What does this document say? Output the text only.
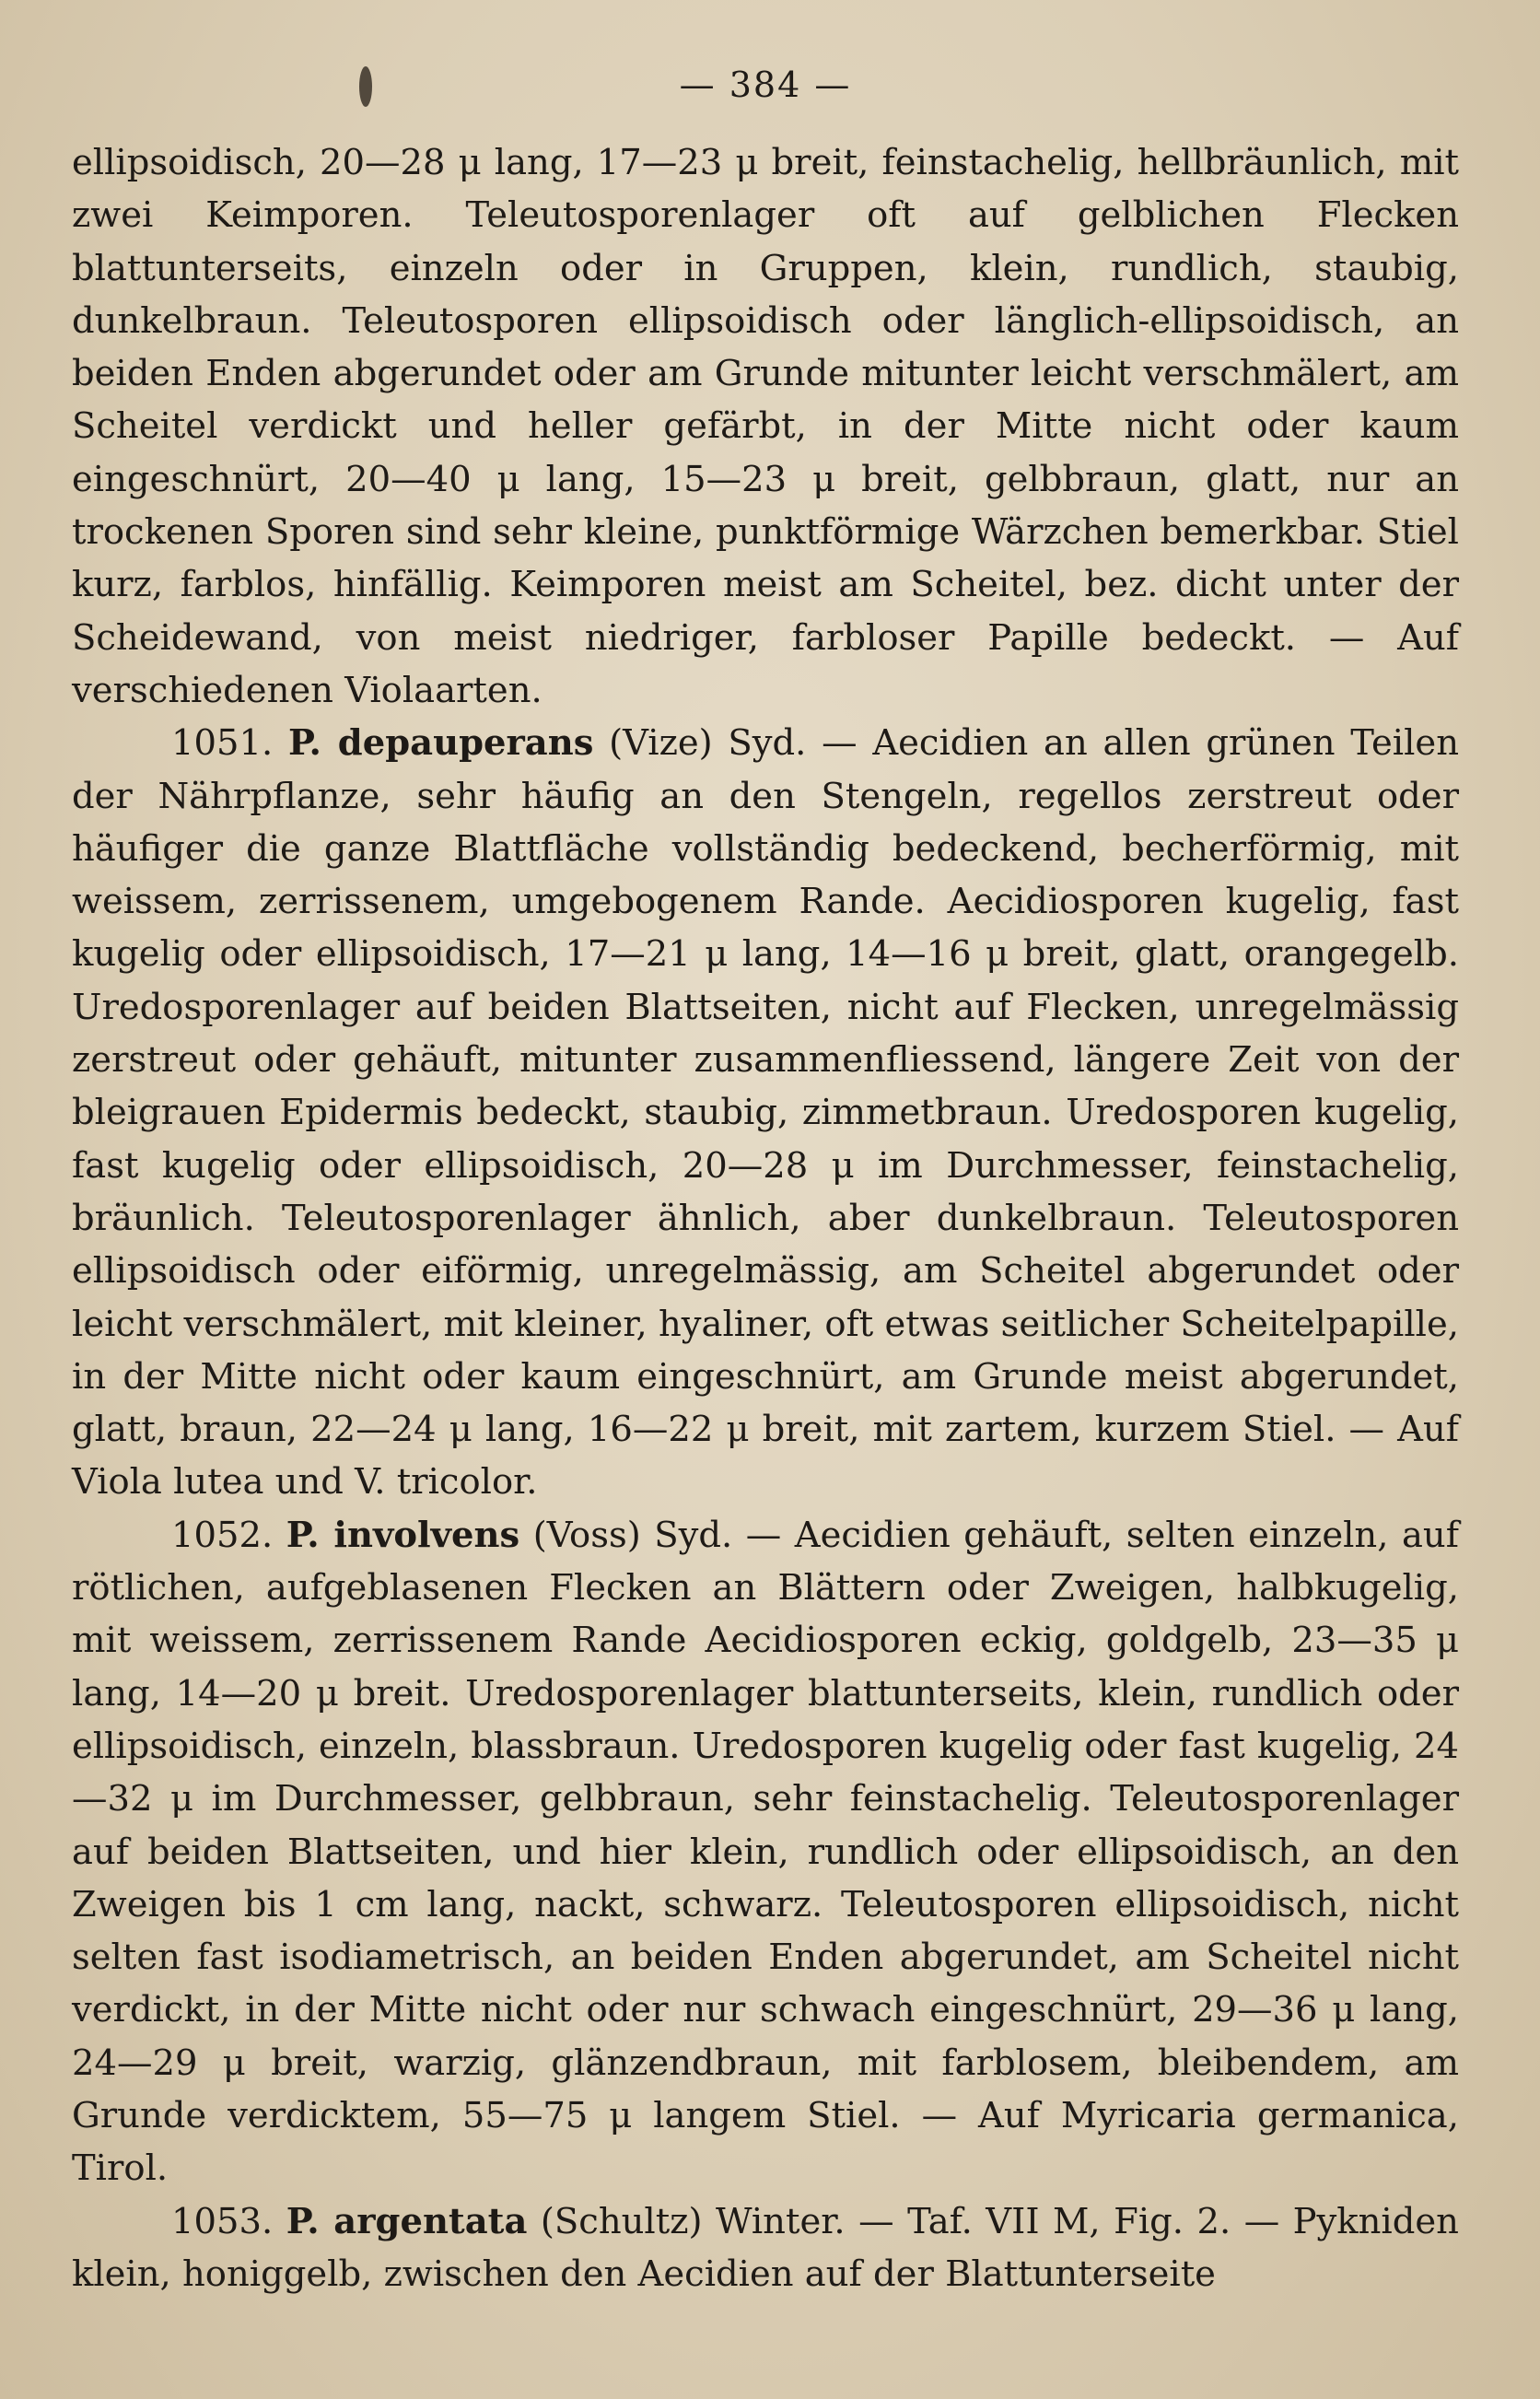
— 384 —

ellipsoidisch, 20—28 μ lang, 17—23 μ breit, feinstachelig, hellbräunlich, mit zwei Keimporen. Teleutosporenlager oft auf gelblichen Flecken blattunterseits, einzeln oder in Gruppen, klein, rundlich, staubig, dunkelbraun. Teleutosporen ellipsoidisch oder länglich-ellipsoidisch, an beiden Enden abgerundet oder am Grunde mitunter leicht verschmälert, am Scheitel verdickt und heller gefärbt, in der Mitte nicht oder kaum eingeschnürt, 20—40 μ lang, 15—23 μ breit, gelbbraun, glatt, nur an trockenen Sporen sind sehr kleine, punktförmige Wärzchen bemerkbar. Stiel kurz, farblos, hinfällig. Keimporen meist am Scheitel, bez. dicht unter der Scheidewand, von meist niedriger, farbloser Papille bedeckt. — Auf verschiedenen Violaarten.

1051. P. depauperans (Vize) Syd. — Aecidien an allen grünen Teilen der Nährpflanze, sehr häufig an den Stengeln, regellos zerstreut oder häufiger die ganze Blattfläche vollständig bedeckend, becherförmig, mit weissem, zerrissenem, umgebogenem Rande. Aecidiosporen kugelig, fast kugelig oder ellipsoidisch, 17—21 μ lang, 14—16 μ breit, glatt, orangegelb. Uredosporenlager auf beiden Blattseiten, nicht auf Flecken, unregelmässig zerstreut oder gehäuft, mitunter zusammenfliessend, längere Zeit von der bleigrauen Epidermis bedeckt, staubig, zimmetbraun. Uredosporen kugelig, fast kugelig oder ellipsoidisch, 20—28 μ im Durchmesser, feinstachelig, bräunlich. Teleutosporenlager ähnlich, aber dunkelbraun. Teleutosporen ellipsoidisch oder eiförmig, unregelmässig, am Scheitel abgerundet oder leicht verschmälert, mit kleiner, hyaliner, oft etwas seitlicher Scheitelpapille, in der Mitte nicht oder kaum eingeschnürt, am Grunde meist abgerundet, glatt, braun, 22—24 μ lang, 16—22 μ breit, mit zartem, kurzem Stiel. — Auf Viola lutea und V. tricolor.

1052. P. involvens (Voss) Syd. — Aecidien gehäuft, selten einzeln, auf rötlichen, aufgeblasenen Flecken an Blättern oder Zweigen, halbkugelig, mit weissem, zerrissenem Rande Aecidiosporen eckig, goldgelb, 23—35 μ lang, 14—20 μ breit. Uredosporenlager blattunterseits, klein, rundlich oder ellipsoidisch, einzeln, blassbraun. Uredosporen kugelig oder fast kugelig, 24—32 μ im Durchmesser, gelbbraun, sehr feinstachelig. Teleutosporenlager auf beiden Blattseiten, und hier klein, rundlich oder ellipsoidisch, an den Zweigen bis 1 cm lang, nackt, schwarz. Teleutosporen ellipsoidisch, nicht selten fast isodiametrisch, an beiden Enden abgerundet, am Scheitel nicht verdickt, in der Mitte nicht oder nur schwach eingeschnürt, 29—36 μ lang, 24—29 μ breit, warzig, glänzendbraun, mit farblosem, bleibendem, am Grunde verdicktem, 55—75 μ langem Stiel. — Auf Myricaria germanica, Tirol.

1053. P. argentata (Schultz) Winter. — Taf. VII M, Fig. 2. — Pykniden klein, honiggelb, zwischen den Aecidien auf der Blattunterseite
